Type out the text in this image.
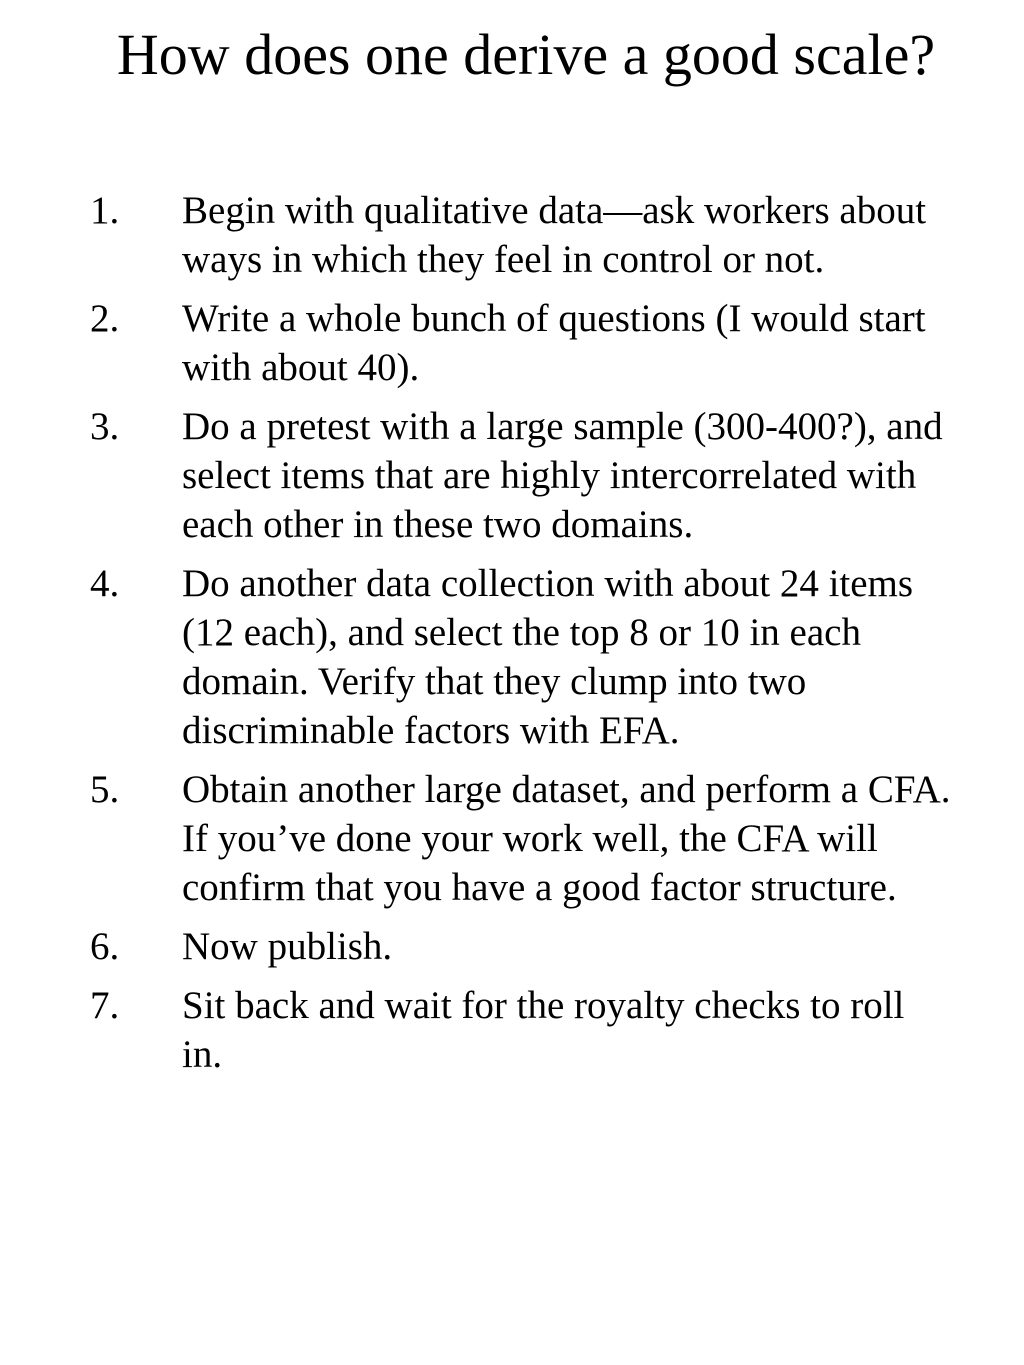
How does one derive a good scale?
1. Begin with qualitative data—ask workers about ways in which they feel in control or not.
2. Write a whole bunch of questions (I would start with about 40).
3. Do a pretest with a large sample (300-400?), and select items that are highly intercorrelated with each other in these two domains.
4. Do another data collection with about 24 items (12 each), and select the top 8 or 10 in each domain. Verify that they clump into two discriminable factors with EFA.
5. Obtain another large dataset, and perform a CFA. If you’ve done your work well, the CFA will confirm that you have a good factor structure.
6. Now publish.
7. Sit back and wait for the royalty checks to roll in.
